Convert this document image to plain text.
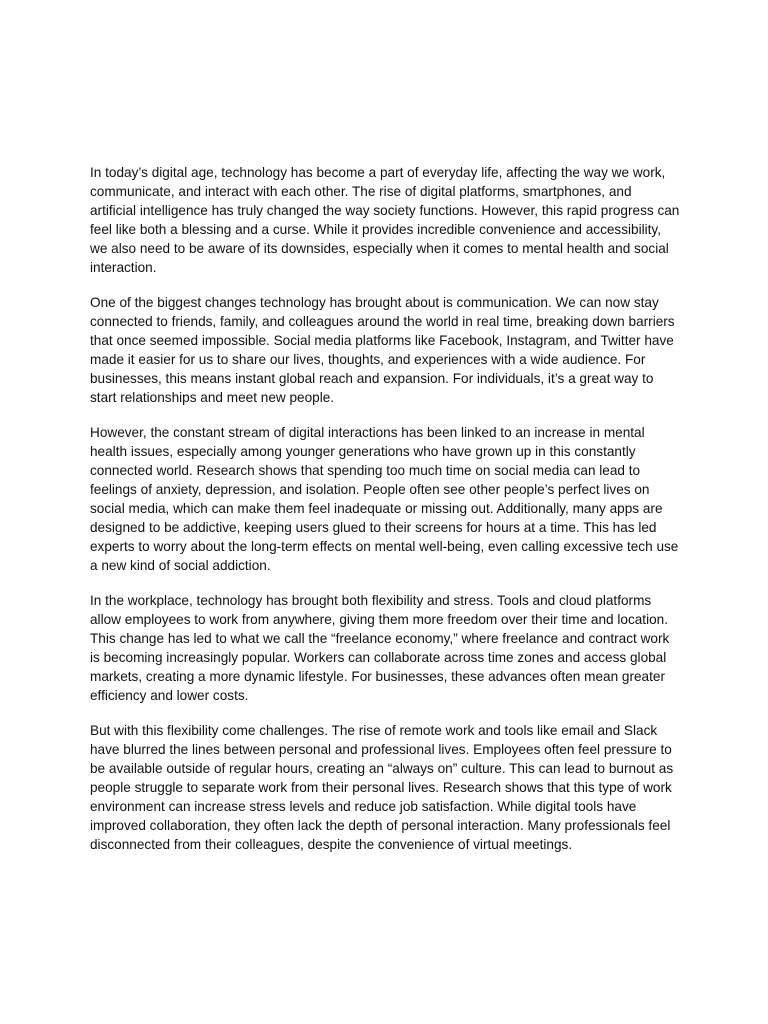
In today’s digital age, technology has become a part of everyday life, affecting the way we work, communicate, and interact with each other. The rise of digital platforms, smartphones, and artificial intelligence has truly changed the way society functions. However, this rapid progress can feel like both a blessing and a curse. While it provides incredible convenience and accessibility, we also need to be aware of its downsides, especially when it comes to mental health and social interaction.

One of the biggest changes technology has brought about is communication. We can now stay connected to friends, family, and colleagues around the world in real time, breaking down barriers that once seemed impossible. Social media platforms like Facebook, Instagram, and Twitter have made it easier for us to share our lives, thoughts, and experiences with a wide audience. For businesses, this means instant global reach and expansion. For individuals, it’s a great way to start relationships and meet new people.

However, the constant stream of digital interactions has been linked to an increase in mental health issues, especially among younger generations who have grown up in this constantly connected world. Research shows that spending too much time on social media can lead to feelings of anxiety, depression, and isolation. People often see other people’s perfect lives on social media, which can make them feel inadequate or missing out. Additionally, many apps are designed to be addictive, keeping users glued to their screens for hours at a time. This has led experts to worry about the long-term effects on mental well-being, even calling excessive tech use a new kind of social addiction.

In the workplace, technology has brought both flexibility and stress. Tools and cloud platforms allow employees to work from anywhere, giving them more freedom over their time and location. This change has led to what we call the “freelance economy,” where freelance and contract work is becoming increasingly popular. Workers can collaborate across time zones and access global markets, creating a more dynamic lifestyle. For businesses, these advances often mean greater efficiency and lower costs.

But with this flexibility come challenges. The rise of remote work and tools like email and Slack have blurred the lines between personal and professional lives. Employees often feel pressure to be available outside of regular hours, creating an “always on” culture. This can lead to burnout as people struggle to separate work from their personal lives. Research shows that this type of work environment can increase stress levels and reduce job satisfaction. While digital tools have improved collaboration, they often lack the depth of personal interaction. Many professionals feel disconnected from their colleagues, despite the convenience of virtual meetings.
